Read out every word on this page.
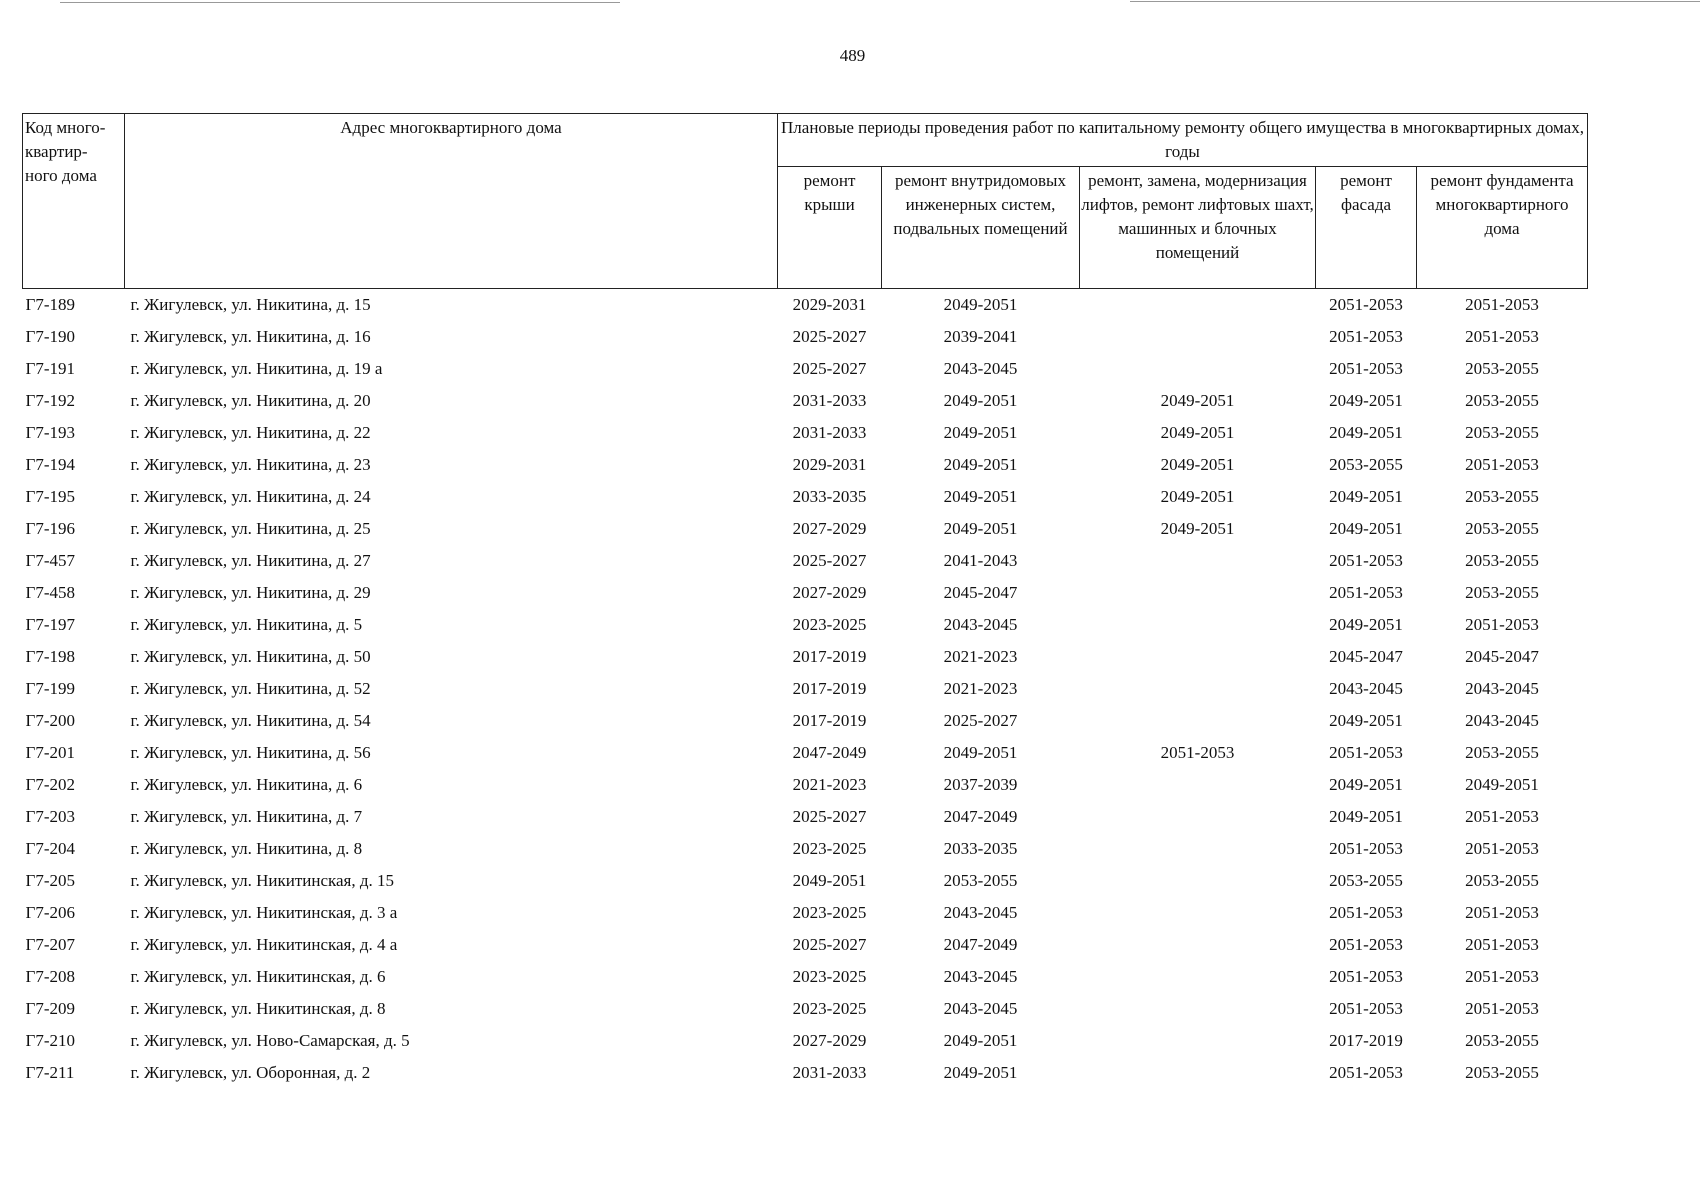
489
Код много- квартир- ного дома	Адрес многоквартирного дома	Плановые периоды проведения работ по капитальному ремонту общего имущества в многоквартирных домах, годы				
		ремонт крыши	ремонт внутридомовых инженерных систем, подвальных помещений	ремонт, замена, модернизация лифтов, ремонт лифтовых шахт, машинных и блочных помещений	ремонт фасада	ремонт фундамента многоквартирного дома
Г7-189	г. Жигулевск, ул. Никитина, д. 15	2029-2031	2049-2051		2051-2053	2051-2053
Г7-190	г. Жигулевск, ул. Никитина, д. 16	2025-2027	2039-2041		2051-2053	2051-2053
Г7-191	г. Жигулевск, ул. Никитина, д. 19 а	2025-2027	2043-2045		2051-2053	2053-2055
Г7-192	г. Жигулевск, ул. Никитина, д. 20	2031-2033	2049-2051	2049-2051	2049-2051	2053-2055
Г7-193	г. Жигулевск, ул. Никитина, д. 22	2031-2033	2049-2051	2049-2051	2049-2051	2053-2055
Г7-194	г. Жигулевск, ул. Никитина, д. 23	2029-2031	2049-2051	2049-2051	2053-2055	2051-2053
Г7-195	г. Жигулевск, ул. Никитина, д. 24	2033-2035	2049-2051	2049-2051	2049-2051	2053-2055
Г7-196	г. Жигулевск, ул. Никитина, д. 25	2027-2029	2049-2051	2049-2051	2049-2051	2053-2055
Г7-457	г. Жигулевск, ул. Никитина, д. 27	2025-2027	2041-2043		2051-2053	2053-2055
Г7-458	г. Жигулевск, ул. Никитина, д. 29	2027-2029	2045-2047		2051-2053	2053-2055
Г7-197	г. Жигулевск, ул. Никитина, д. 5	2023-2025	2043-2045		2049-2051	2051-2053
Г7-198	г. Жигулевск, ул. Никитина, д. 50	2017-2019	2021-2023		2045-2047	2045-2047
Г7-199	г. Жигулевск, ул. Никитина, д. 52	2017-2019	2021-2023		2043-2045	2043-2045
Г7-200	г. Жигулевск, ул. Никитина, д. 54	2017-2019	2025-2027		2049-2051	2043-2045
Г7-201	г. Жигулевск, ул. Никитина, д. 56	2047-2049	2049-2051	2051-2053	2051-2053	2053-2055
Г7-202	г. Жигулевск, ул. Никитина, д. 6	2021-2023	2037-2039		2049-2051	2049-2051
Г7-203	г. Жигулевск, ул. Никитина, д. 7	2025-2027	2047-2049		2049-2051	2051-2053
Г7-204	г. Жигулевск, ул. Никитина, д. 8	2023-2025	2033-2035		2051-2053	2051-2053
Г7-205	г. Жигулевск, ул. Никитинская, д. 15	2049-2051	2053-2055		2053-2055	2053-2055
Г7-206	г. Жигулевск, ул. Никитинская, д. 3 а	2023-2025	2043-2045		2051-2053	2051-2053
Г7-207	г. Жигулевск, ул. Никитинская, д. 4 а	2025-2027	2047-2049		2051-2053	2051-2053
Г7-208	г. Жигулевск, ул. Никитинская, д. 6	2023-2025	2043-2045		2051-2053	2051-2053
Г7-209	г. Жигулевск, ул. Никитинская, д. 8	2023-2025	2043-2045		2051-2053	2051-2053
Г7-210	г. Жигулевск, ул. Ново-Самарская, д. 5	2027-2029	2049-2051		2017-2019	2053-2055
Г7-211	г. Жигулевск, ул. Оборонная, д. 2	2031-2033	2049-2051		2051-2053	2053-2055
